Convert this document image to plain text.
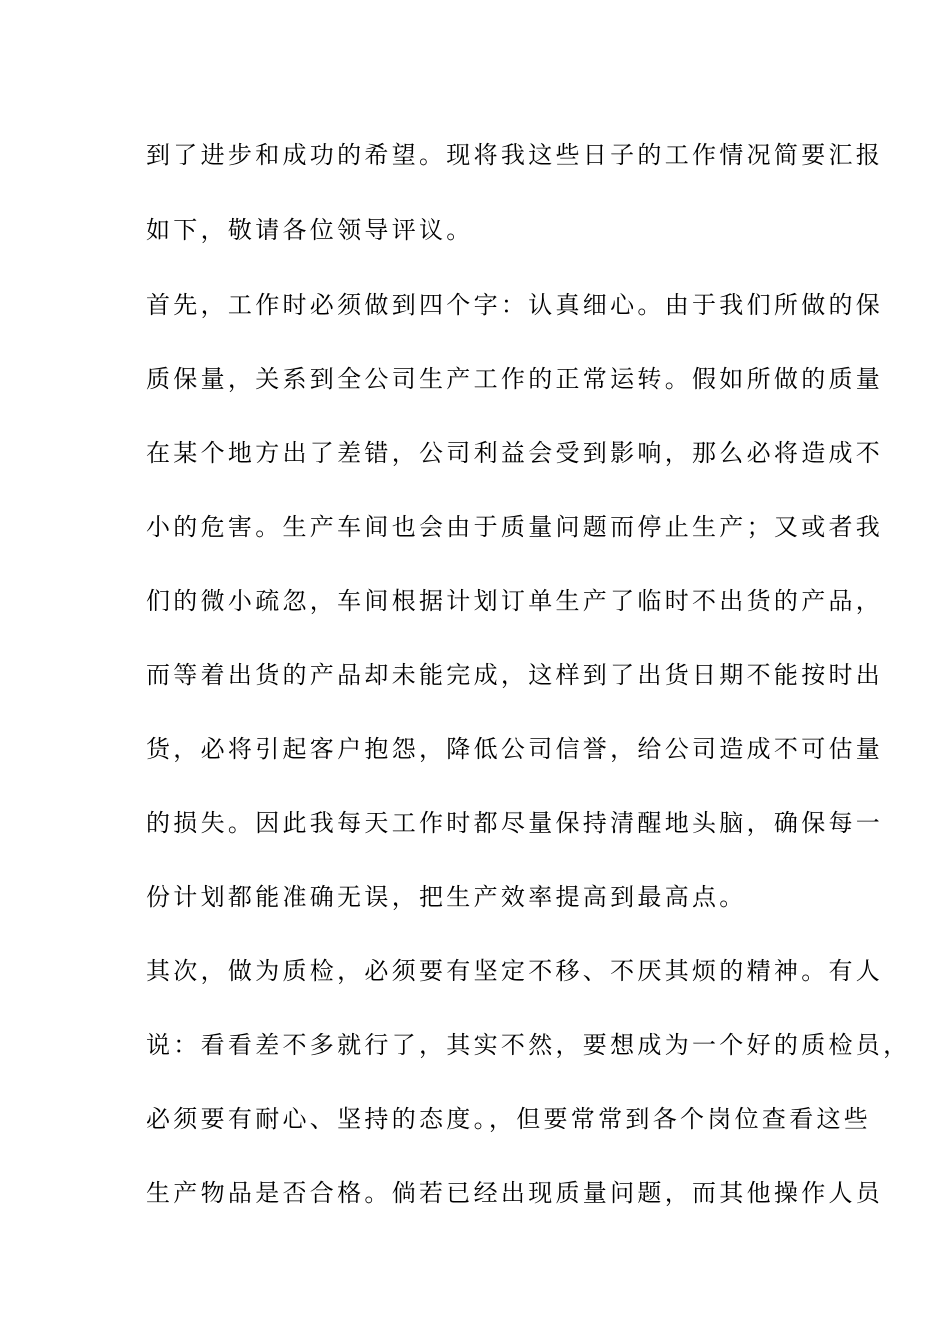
到了进步和成功的希望。现将我这些日子的工作情况简要汇报

如下，敬请各位领导评议。

首先，工作时必须做到四个字：认真细心。由于我们所做的保

质保量，关系到全公司生产工作的正常运转。假如所做的质量

在某个地方出了差错，公司利益会受到影响，那么必将造成不

小的危害。生产车间也会由于质量问题而停止生产；又或者我

们的微小疏忽，车间根据计划订单生产了临时不出货的产品，

而等着出货的产品却未能完成，这样到了出货日期不能按时出

货，必将引起客户抱怨，降低公司信誉，给公司造成不可估量

的损失。因此我每天工作时都尽量保持清醒地头脑，确保每一

份计划都能准确无误，把生产效率提高到最高点。

其次，做为质检，必须要有坚定不移、不厌其烦的精神。有人

说：看看差不多就行了，其实不然，要想成为一个好的质检员，

必须要有耐心、坚持的态度。，但要常常到各个岗位查看这些

生产物品是否合格。倘若已经出现质量问题，而其他操作人员
